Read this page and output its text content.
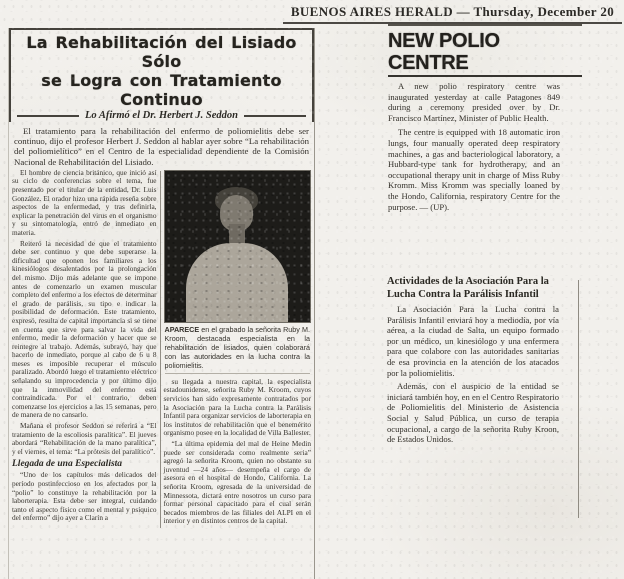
BUENOS AIRES HERALD — Thursday, December 20
La Rehabilitación del Lisiado Sólo
se Logra con Tratamiento Continuo
Lo Afirmó el Dr. Herbert J. Seddon

El tratamiento para la rehabilitación del enfermo de poliomielitis debe ser continuo, dijo el profesor Herbert J. Seddon al hablar ayer sobre “La rehabilitación del poliomielítico” en el Centro de la especialidad dependiente de la Comisión Nacional de Rehabilitación del Lisiado.

El hombre de ciencia británico, que inició así su ciclo de conferencias sobre el tema, fue presentado por el titular de la entidad, Dr. Luis González. El orador hizo una rápida reseña sobre aspectos de la enfermedad, y tras definirla, explicar la penetración del virus en el organismo y su sintomatología, entró de inmediato en materia.

Reiteró la necesidad de que el tratamiento debe ser continuo y que debe superarse la dificultad que oponen los familiares a los kinesiólogos desalentados por la prolongación del mismo. Dijo más adelante que se impone antes de comenzarlo un examen muscular completo del enfermo a los efectos de determinar el grado de parálisis, su tipo e indicar la posibilidad de deformación. Este tratamiento, expresó, resulta de capital importancia si se tiene en cuenta que sirve para salvar la vida del enfermo, medir la deformación y hacer que se reintegre al trabajo. Además, subrayó, hay que hacerlo de inmediato, porque al cabo de 6 u 8 meses es imposible recuperar el músculo paralizado. Abordó luego el tratamiento eléctrico señalando su improcedencia y por último dijo que la inmovilidad del enfermo está contraindicada. Por el contrario, deben comenzarse los ejercicios a las 15 semanas, pero de manera de no cansarlo.

Mañana el profesor Seddon se referirá a “El tratamiento de la escoliosis paralítica”. El jueves abordará “Rehabilitación de la mano paralítica”, y el viernes, el tema: “La prótesis del paralítico”.

Llegada de una Especialista

“Uno de los capítulos más delicados del período postinfeccioso en los afectados por la “polio” lo constituye la rehabilitación por la laborterapia. Esta debe ser integral, cuidando tanto el aspecto físico como el mental y psíquico del enfermo” dijo ayer a Clarín a

APARECE en el grabado la señorita Ruby M. Kroom, destacada especialista en la rehabilitación de lisiados, quien colaborará con las autoridades en la lucha contra la poliomielitis.

su llegada a nuestra capital, la especialista estadounidense, señorita Ruby M. Kroom, cuyos servicios han sido expresamente contratados por la Asociación para la Lucha contra la Parálisis Infantil para organizar servicios de laborterapia en los institutos de rehabilitación que el benemérito organismo posee en la localidad de Villa Ballester.

“La última epidemia del mal de Heine Medin puede ser considerada como realmente seria” agregó la señorita Kroom, quien no obstante su juventud —24 años— desempeña el cargo de asesora en el hospital de Hondo, California. La señorita Kroom, egresada de la universidad de Minnessota, dictará entre nosotros un curso para formar personal capacitado para el cual serán becados miembros de las filiales del ALPI en el interior y en distintos centros de la capital.

NEW POLIO CENTRE

A new polio respiratory centre was inaugurated yesterday at calle Patagones 849 during a ceremony presided over by Dr. Francisco Martínez, Minister of Public Health.

The centre is equipped with 18 automatic iron lungs, four manually operated deep respiratory machines, a gas and bacteriological laboratory, a Hubbard-type tank for hydrotherapy, and an occupational therapy unit in charge of Miss Ruby Kromm. Miss Kromm was specially loaned by the Hondo, California, respiratory Centre for the purpose. — (UP).

Actividades de la Asociación Para la Lucha Contra la Parálisis Infantil

La Asociación Para la Lucha contra la Parálisis Infantil enviará hoy a mediodía, por vía aérea, a la ciudad de Salta, un equipo formado por un médico, un kinesiólogo y una enfermera para que colabore con las autoridades sanitarias de esa provincia en la atención de los atacados por la poliomielitis.

Además, con el auspicio de la entidad se iniciará también hoy, en en el Centro Respiratorio de Poliomielitis del Ministerio de Asistencia Social y Salud Pública, un curso de terapia ocupacional, a cargo de la señorita Ruby Kroon, de Estados Unidos.
